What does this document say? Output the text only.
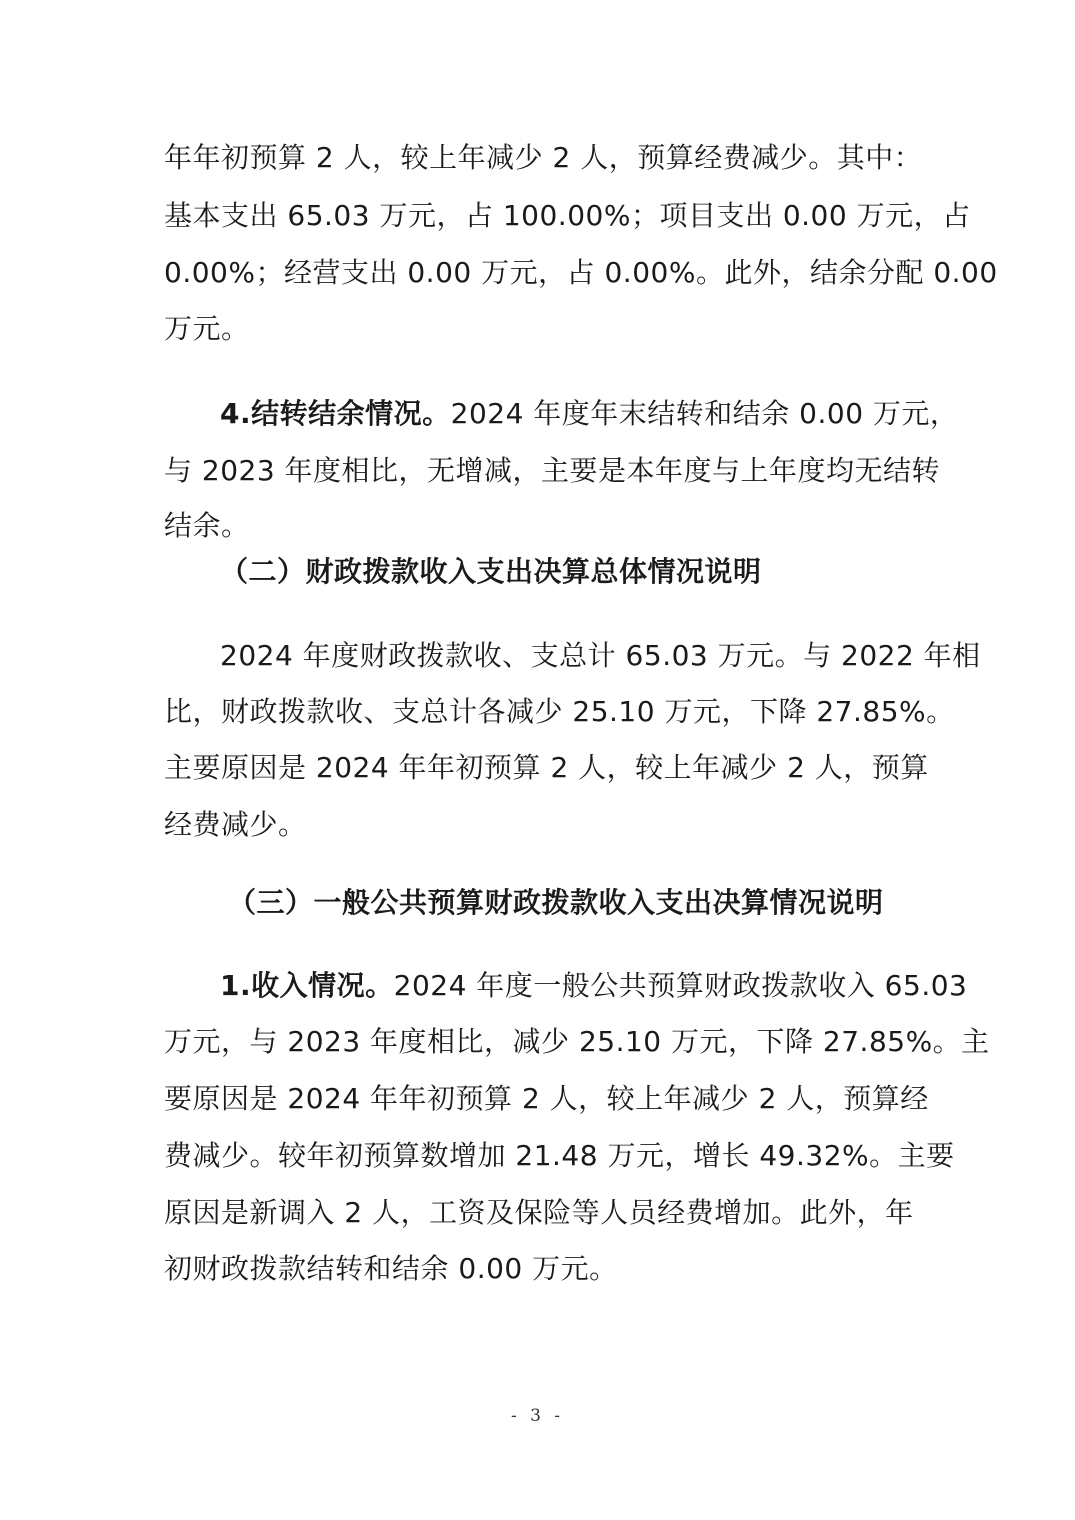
年年初预算 2 人，较上年减少 2 人，预算经费减少。其中：
基本支出 65.03 万元，占 100.00%；项目支出 0.00 万元，占
0.00%；经营支出 0.00 万元，占 0.00%。此外，结余分配 0.00
万元。
4.结转结余情况。2024 年度年末结转和结余 0.00 万元，
与 2023 年度相比，无增减，主要是本年度与上年度均无结转
结余。
（二）财政拨款收入支出决算总体情况说明
2024 年度财政拨款收、支总计 65.03 万元。与 2022 年相
比，财政拨款收、支总计各减少 25.10 万元，下降 27.85%。
主要原因是 2024 年年初预算 2 人，较上年减少 2 人，预算
经费减少。
（三）一般公共预算财政拨款收入支出决算情况说明
1.收入情况。2024 年度一般公共预算财政拨款收入 65.03
万元，与 2023 年度相比，减少 25.10 万元，下降 27.85%。主
要原因是 2024 年年初预算 2 人，较上年减少 2 人，预算经
费减少。较年初预算数增加 21.48 万元，增长 49.32%。主要
原因是新调入 2 人，工资及保险等人员经费增加。此外，年
初财政拨款结转和结余 0.00 万元。
- 3 -
